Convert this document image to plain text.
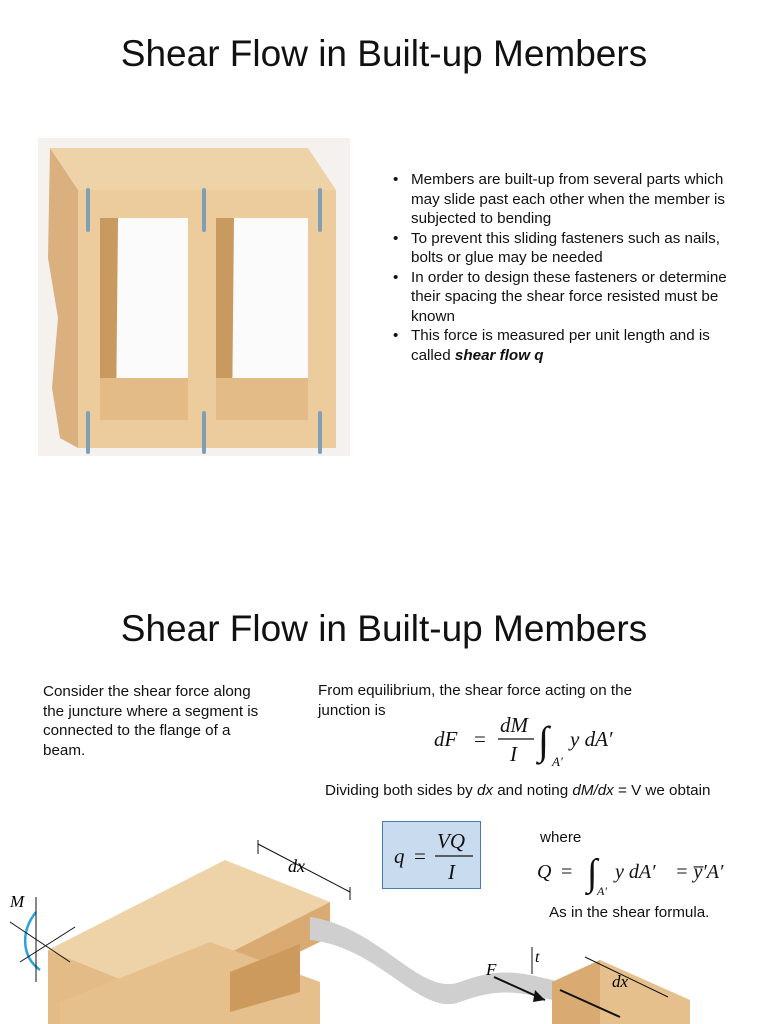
Shear Flow in Built-up Members
• Members are built-up from several parts which may slide past each other when the member is subjected to bending
• To prevent this sliding fasteners such as nails, bolts or glue may be needed
• In order to design these fasteners or determine their spacing the shear force resisted must be known
• This force is measured per unit length and is called shear flow q
Shear Flow in Built-up Members
Consider the shear force along the juncture where a segment is connected to the flange of a beam.
From equilibrium, the shear force acting on the junction is
dF =
dM
I ∫ A′
y dA′
Dividing both sides by dx and noting dM/dx = V we obtain
q =
VQ
I
where
Q = ∫ A′
y dA′ = y̅′A′
As in the shear formula.
dx
M
t
F
dx
